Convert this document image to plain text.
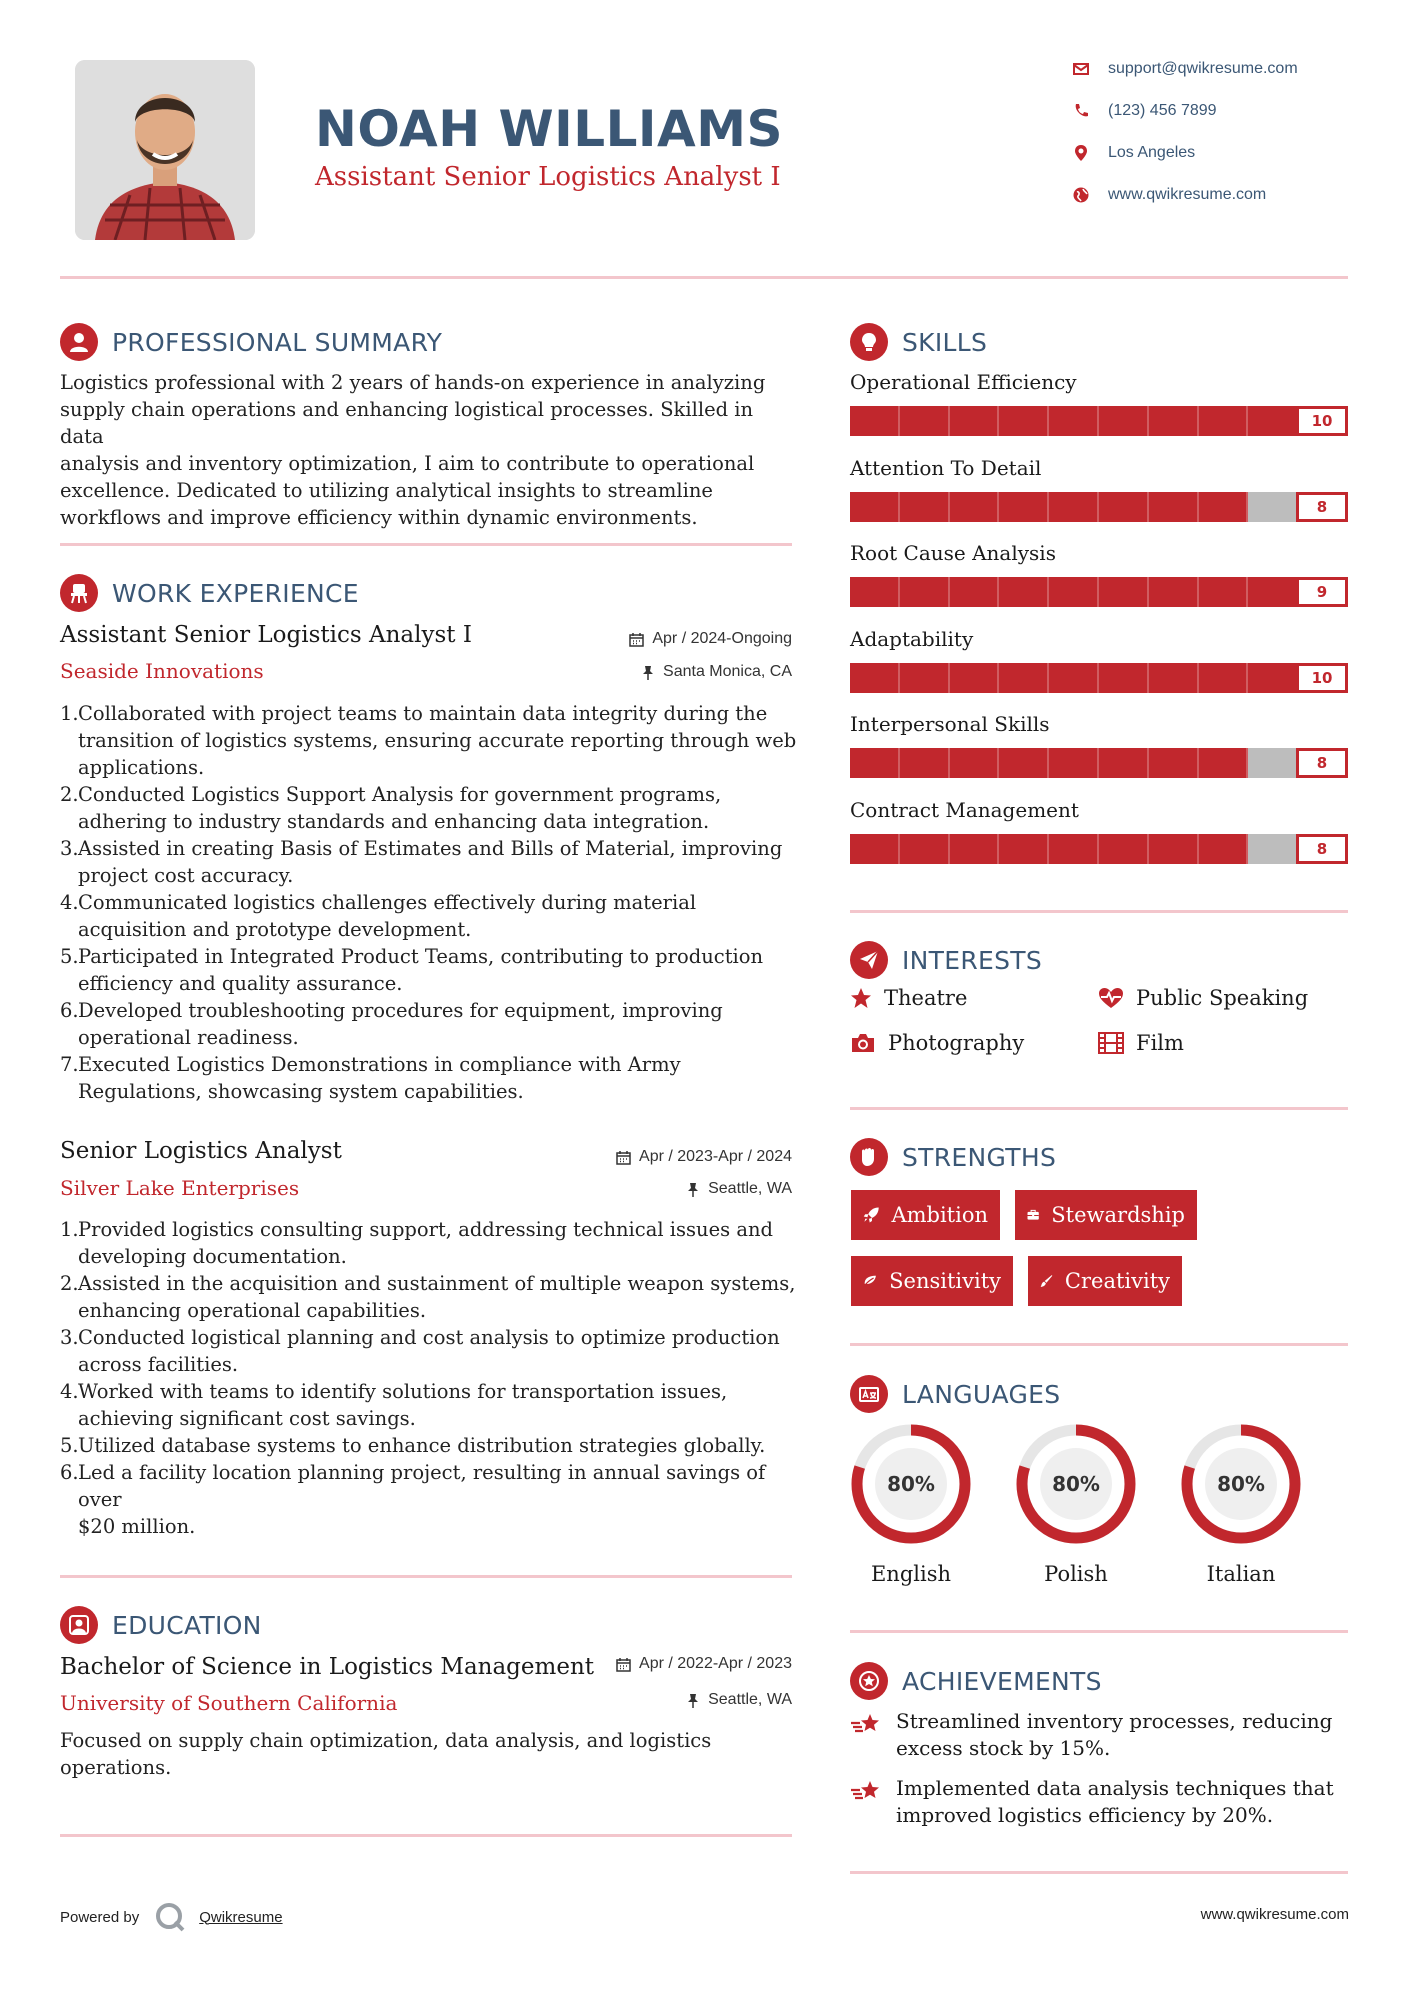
NOAH WILLIAMS
Assistant Senior Logistics Analyst I
support@qwikresume.com
(123) 456 7899
Los Angeles
www.qwikresume.com
PROFESSIONAL SUMMARY
Logistics professional with 2 years of hands-on experience in analyzing
supply chain operations and enhancing logistical processes. Skilled in data
analysis and inventory optimization, I aim to contribute to operational
excellence. Dedicated to utilizing analytical insights to streamline
workflows and improve efficiency within dynamic environments.
WORK EXPERIENCE
Assistant Senior Logistics Analyst I	Apr / 2024-Ongoing
Seaside Innovations	Santa Monica, CA
1. Collaborated with project teams to maintain data integrity during the
transition of logistics systems, ensuring accurate reporting through web
applications.
2. Conducted Logistics Support Analysis for government programs,
adhering to industry standards and enhancing data integration.
3. Assisted in creating Basis of Estimates and Bills of Material, improving
project cost accuracy.
4. Communicated logistics challenges effectively during material
acquisition and prototype development.
5. Participated in Integrated Product Teams, contributing to production
efficiency and quality assurance.
6. Developed troubleshooting procedures for equipment, improving
operational readiness.
7. Executed Logistics Demonstrations in compliance with Army
Regulations, showcasing system capabilities.
Senior Logistics Analyst	Apr / 2023-Apr / 2024
Silver Lake Enterprises	Seattle, WA
1. Provided logistics consulting support, addressing technical issues and
developing documentation.
2. Assisted in the acquisition and sustainment of multiple weapon systems,
enhancing operational capabilities.
3. Conducted logistical planning and cost analysis to optimize production
across facilities.
4. Worked with teams to identify solutions for transportation issues,
achieving significant cost savings.
5. Utilized database systems to enhance distribution strategies globally.
6. Led a facility location planning project, resulting in annual savings of over
$20 million.
EDUCATION
Bachelor of Science in Logistics Management	Apr / 2022-Apr / 2023
University of Southern California	Seattle, WA
Focused on supply chain optimization, data analysis, and logistics
operations.
SKILLS
Operational Efficiency
10
Attention To Detail
8
Root Cause Analysis
9
Adaptability
10
Interpersonal Skills
8
Contract Management
8
INTERESTS
Theatre	Public Speaking
Photography	Film
STRENGTHS
Ambition	Stewardship
Sensitivity	Creativity
LANGUAGES
80%
English
80%
Polish
80%
Italian
ACHIEVEMENTS
Streamlined inventory processes, reducing
excess stock by 15%.
Implemented data analysis techniques that
improved logistics efficiency by 20%.
Powered by	Qwikresume	www.qwikresume.com
